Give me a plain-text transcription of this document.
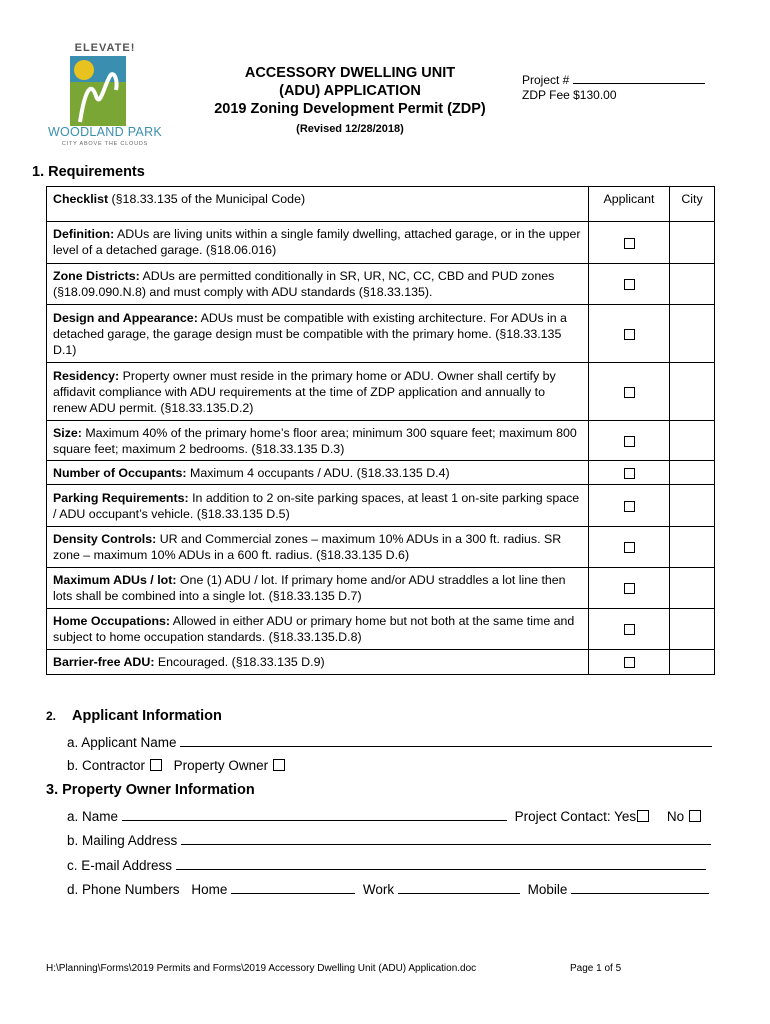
ELEVATE!
WOODLAND PARK
CITY ABOVE THE CLOUDS
ACCESSORY DWELLING UNIT
(ADU) APPLICATION
2019 Zoning Development Permit (ZDP)
(Revised 12/28/2018)
Project #
ZDP Fee $130.00
1. Requirements
Checklist (§18.33.135 of the Municipal Code)	Applicant	City
Definition: ADUs are living units within a single family dwelling, attached garage, or in the upper level of a detached garage. (§18.06.016)		
Zone Districts: ADUs are permitted conditionally in SR, UR, NC, CC, CBD and PUD zones (§18.09.090.N.8) and must comply with ADU standards (§18.33.135).		
Design and Appearance: ADUs must be compatible with existing architecture. For ADUs in a detached garage, the garage design must be compatible with the primary home. (§18.33.135 D.1)		
Residency: Property owner must reside in the primary home or ADU. Owner shall certify by affidavit compliance with ADU requirements at the time of ZDP application and annually to renew ADU permit. (§18.33.135.D.2)		
Size: Maximum 40% of the primary home’s floor area; minimum 300 square feet; maximum 800 square feet; maximum 2 bedrooms. (§18.33.135 D.3)		
Number of Occupants: Maximum 4 occupants / ADU. (§18.33.135 D.4)		
Parking Requirements: In addition to 2 on-site parking spaces, at least 1 on-site parking space / ADU occupant’s vehicle. (§18.33.135 D.5)		
Density Controls: UR and Commercial zones – maximum 10% ADUs in a 300 ft. radius. SR zone – maximum 10% ADUs in a 600 ft. radius. (§18.33.135 D.6)		
Maximum ADUs / lot: One (1) ADU / lot. If primary home and/or ADU straddles a lot line then lots shall be combined into a single lot. (§18.33.135 D.7)		
Home Occupations: Allowed in either ADU or primary home but not both at the same time and subject to home occupation standards. (§18.33.135.D.8)		
Barrier-free ADU: Encouraged. (§18.33.135 D.9)		
2. Applicant Information
a. Applicant Name
b. Contractor Property Owner
3. Property Owner Information
a. Name	Project Contact: Yes No
b. Mailing Address
c. E-mail Address
d. Phone Numbers Home	Work	Mobile
H:\Planning\Forms\2019 Permits and Forms\2019 Accessory Dwelling Unit (ADU) Application.doc	Page 1 of 5
